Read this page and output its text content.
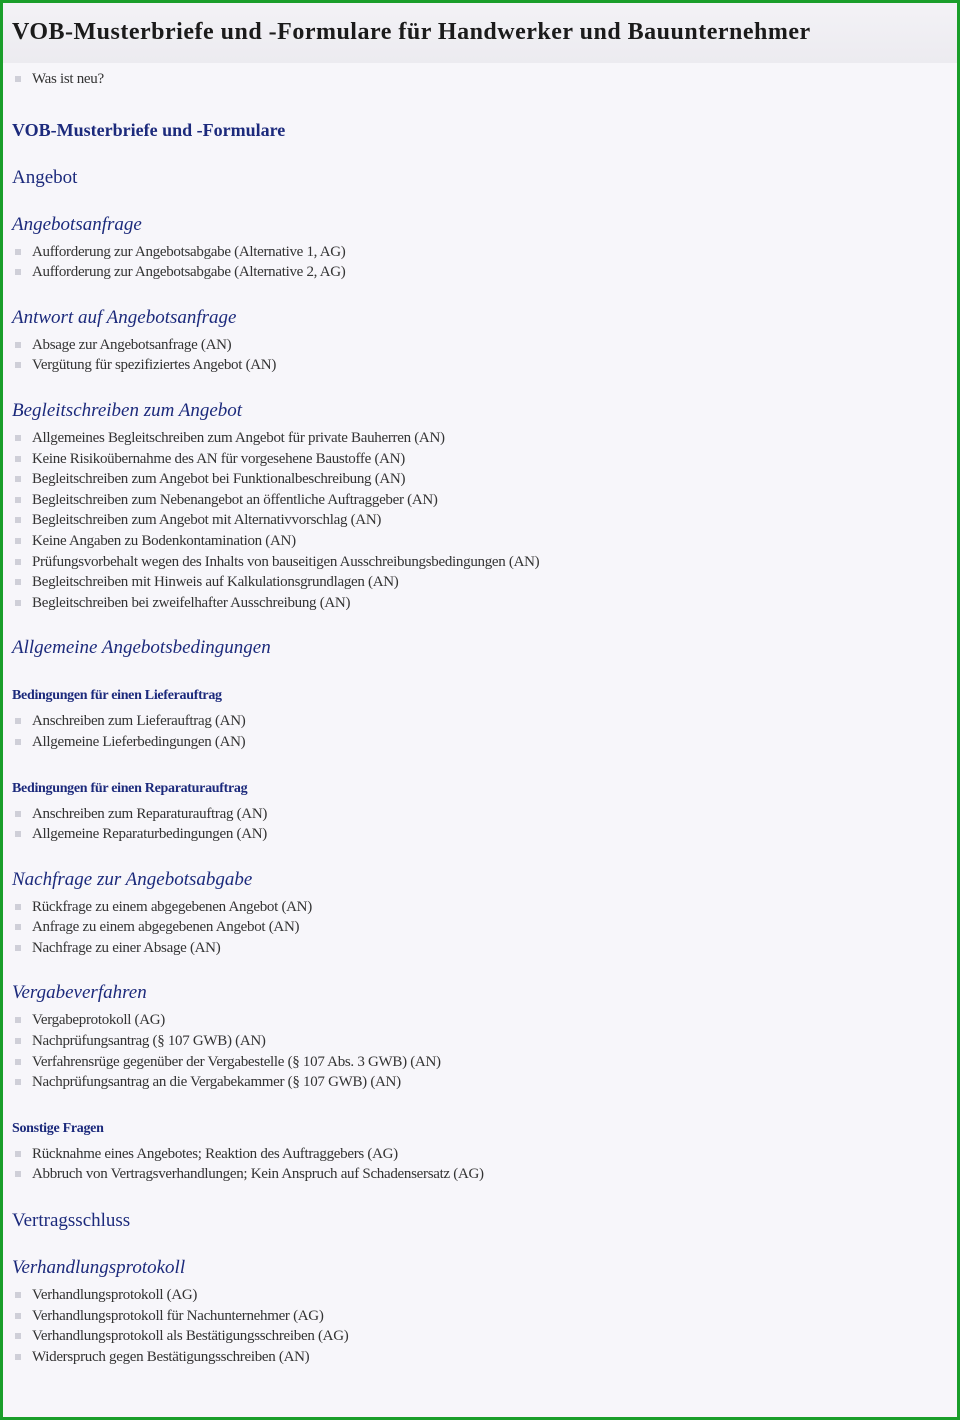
VOB-Musterbriefe und -Formulare für Handwerker und Bauunternehmer
Was ist neu?
VOB-Musterbriefe und -Formulare
Angebot
Angebotsanfrage
Aufforderung zur Angebotsabgabe (Alternative 1, AG)
Aufforderung zur Angebotsabgabe (Alternative 2, AG)
Antwort auf Angebotsanfrage
Absage zur Angebotsanfrage (AN)
Vergütung für spezifiziertes Angebot (AN)
Begleitschreiben zum Angebot
Allgemeines Begleitschreiben zum Angebot für private Bauherren (AN)
Keine Risikoübernahme des AN für vorgesehene Baustoffe (AN)
Begleitschreiben zum Angebot bei Funktionalbeschreibung (AN)
Begleitschreiben zum Nebenangebot an öffentliche Auftraggeber (AN)
Begleitschreiben zum Angebot mit Alternativvorschlag (AN)
Keine Angaben zu Bodenkontamination (AN)
Prüfungsvorbehalt wegen des Inhalts von bauseitigen Ausschreibungsbedingungen (AN)
Begleitschreiben mit Hinweis auf Kalkulationsgrundlagen (AN)
Begleitschreiben bei zweifelhafter Ausschreibung (AN)
Allgemeine Angebotsbedingungen
Bedingungen für einen Lieferauftrag
Anschreiben zum Lieferauftrag (AN)
Allgemeine Lieferbedingungen (AN)
Bedingungen für einen Reparaturauftrag
Anschreiben zum Reparaturauftrag (AN)
Allgemeine Reparaturbedingungen (AN)
Nachfrage zur Angebotsabgabe
Rückfrage zu einem abgegebenen Angebot (AN)
Anfrage zu einem abgegebenen Angebot (AN)
Nachfrage zu einer Absage (AN)
Vergabeverfahren
Vergabeprotokoll (AG)
Nachprüfungsantrag (§ 107 GWB) (AN)
Verfahrensrüge gegenüber der Vergabestelle (§ 107 Abs. 3 GWB) (AN)
Nachprüfungsantrag an die Vergabekammer (§ 107 GWB) (AN)
Sonstige Fragen
Rücknahme eines Angebotes; Reaktion des Auftraggebers (AG)
Abbruch von Vertragsverhandlungen; Kein Anspruch auf Schadensersatz (AG)
Vertragsschluss
Verhandlungsprotokoll
Verhandlungsprotokoll (AG)
Verhandlungsprotokoll für Nachunternehmer (AG)
Verhandlungsprotokoll als Bestätigungsschreiben (AG)
Widerspruch gegen Bestätigungsschreiben (AN)
